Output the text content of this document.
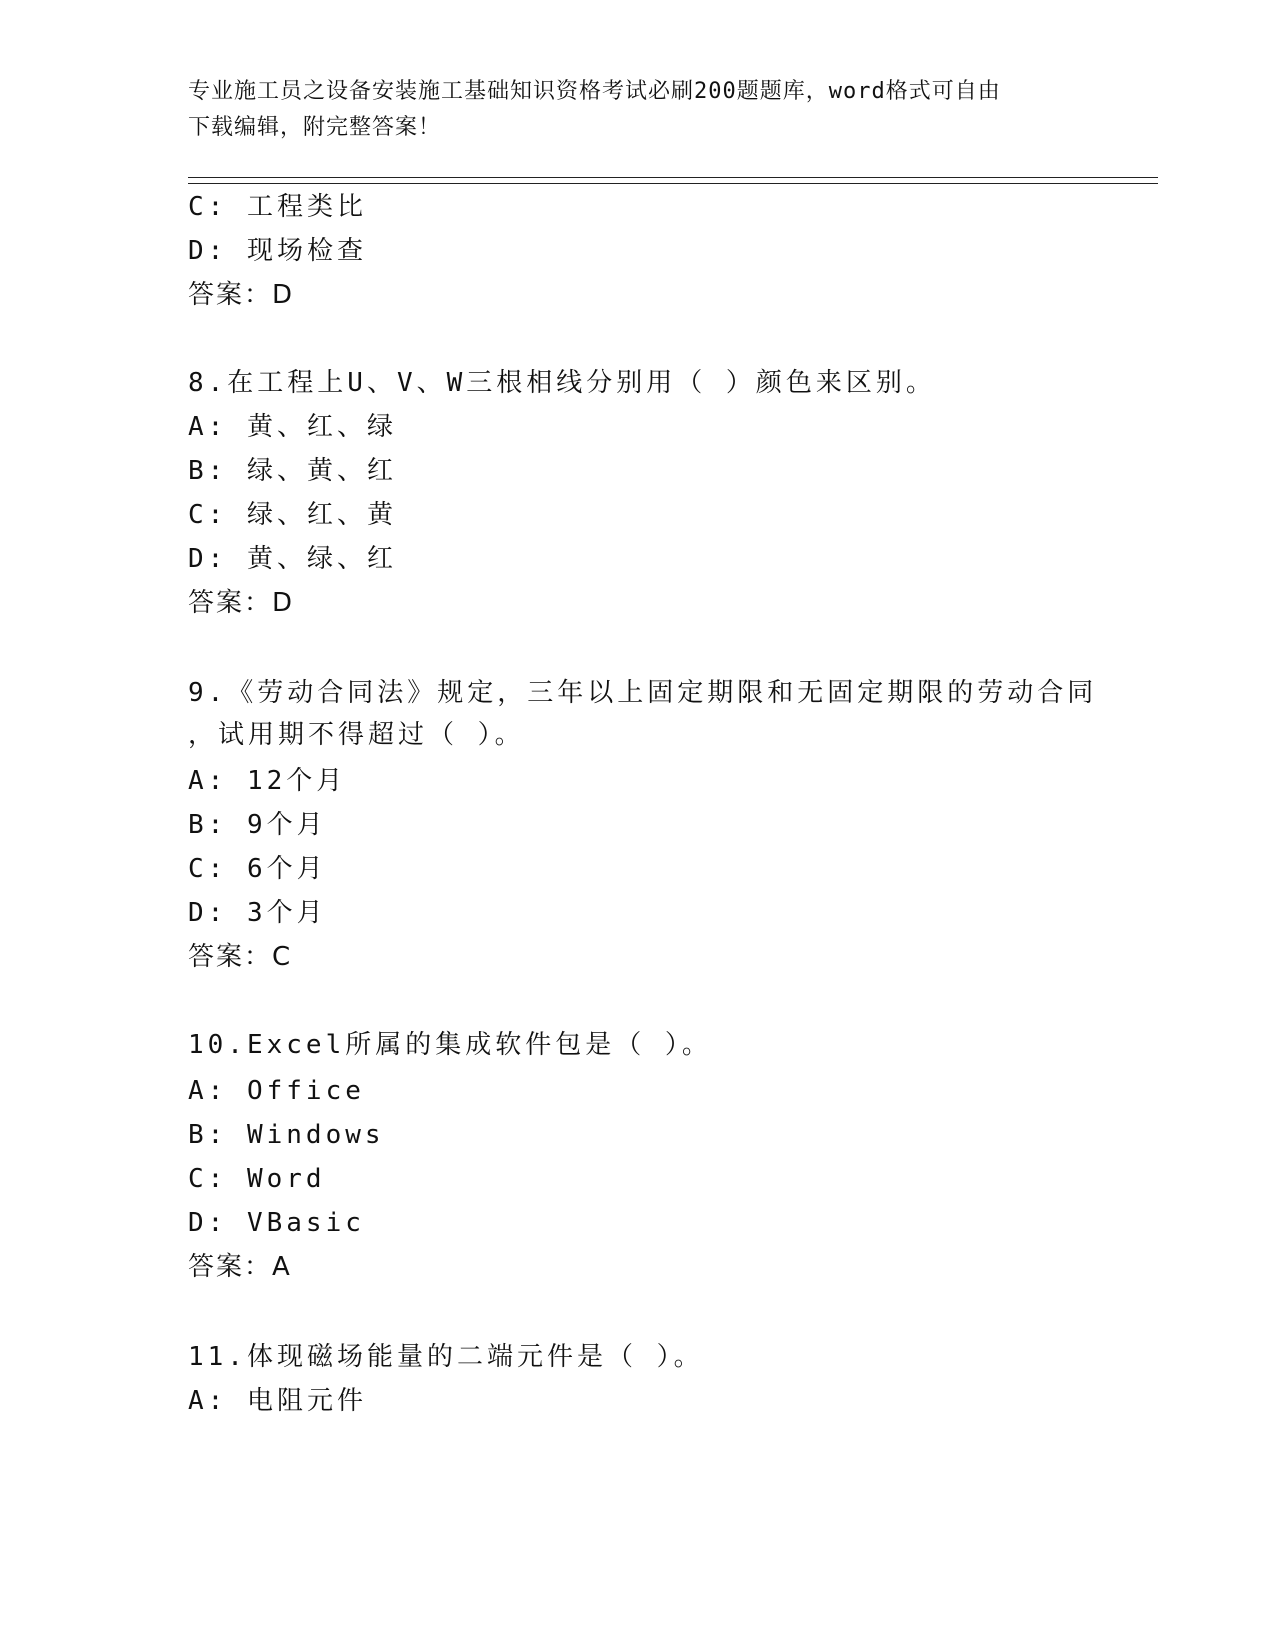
专业施工员之设备安装施工基础知识资格考试必刷200题题库，word格式可自由
下载编辑，附完整答案！
C: 工程类比
D: 现场检查
答案：D
8.在工程上U、V、W三根相线分别用（ ）颜色来区别。
A: 黄、红、绿
B: 绿、黄、红
C: 绿、红、黄
D: 黄、绿、红
答案：D
9.《劳动合同法》规定，三年以上固定期限和无固定期限的劳动合同
，试用期不得超过（ ）。
A: 12个月
B: 9个月
C: 6个月
D: 3个月
答案：C
10.Excel所属的集成软件包是（ ）。
A: Office
B: Windows
C: Word
D: VBasic
答案：A
11.体现磁场能量的二端元件是（ ）。
A: 电阻元件
